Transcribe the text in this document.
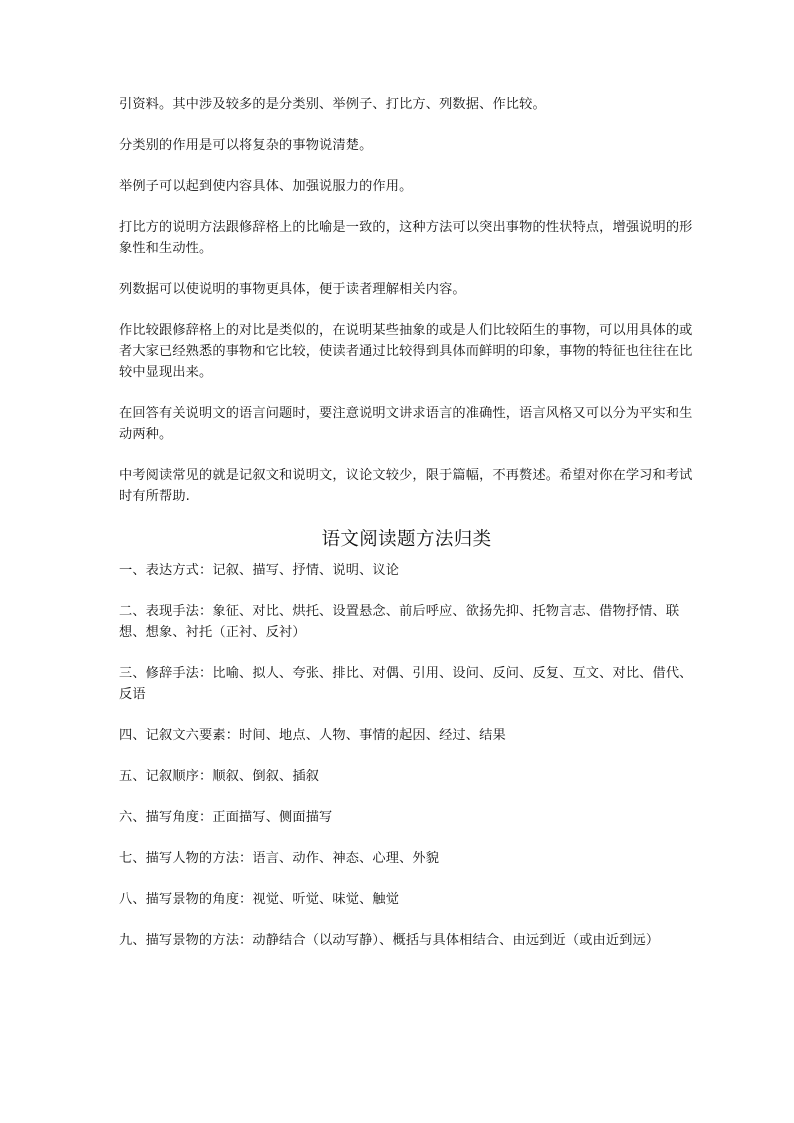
引资料。其中涉及较多的是分类别、举例子、打比方、列数据、作比较。

分类别的作用是可以将复杂的事物说清楚。

举例子可以起到使内容具体、加强说服力的作用。

打比方的说明方法跟修辞格上的比喻是一致的，这种方法可以突出事物的性状特点，增强说明的形象性和生动性。

列数据可以使说明的事物更具体，便于读者理解相关内容。

作比较跟修辞格上的对比是类似的，在说明某些抽象的或是人们比较陌生的事物，可以用具体的或者大家已经熟悉的事物和它比较，使读者通过比较得到具体而鲜明的印象，事物的特征也往往在比较中显现出来。

在回答有关说明文的语言问题时，要注意说明文讲求语言的准确性，语言风格又可以分为平实和生动两种。

中考阅读常见的就是记叙文和说明文，议论文较少，限于篇幅，不再赘述。希望对你在学习和考试时有所帮助.

语文阅读题方法归类

一、表达方式：记叙、描写、抒情、说明、议论

二、表现手法：象征、对比、烘托、设置悬念、前后呼应、欲扬先抑、托物言志、借物抒情、联想、想象、衬托（正衬、反衬）

三、修辞手法：比喻、拟人、夸张、排比、对偶、引用、设问、反问、反复、互文、对比、借代、反语

四、记叙文六要素：时间、地点、人物、事情的起因、经过、结果

五、记叙顺序：顺叙、倒叙、插叙

六、描写角度：正面描写、侧面描写

七、描写人物的方法：语言、动作、神态、心理、外貌

八、描写景物的角度：视觉、听觉、味觉、触觉

九、描写景物的方法：动静结合（以动写静）、概括与具体相结合、由远到近（或由近到远）
